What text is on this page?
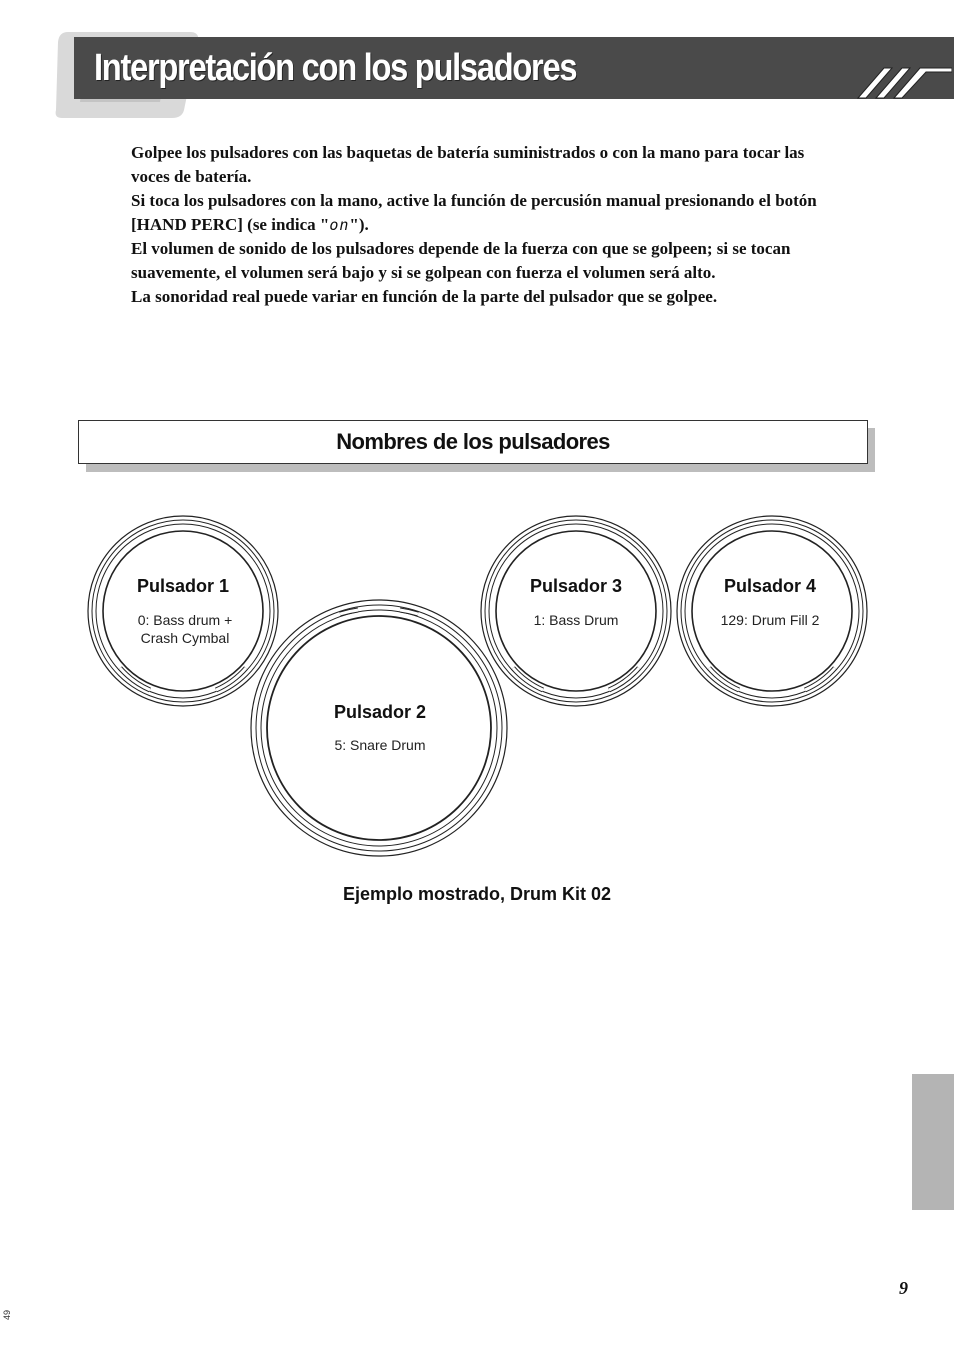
Interpretación con los pulsadores

Golpee los pulsadores con las baquetas de batería suministrados o con la mano para tocar las voces de batería.

Si toca los pulsadores con la mano, active la función de percusión manual presionando el botón [HAND PERC] (se indica "on").

El volumen de sonido de los pulsadores depende de la fuerza con que se golpeen; si se tocan suavemente, el volumen será bajo y si se golpean con fuerza el volumen será alto.

La sonoridad real puede variar en función de la parte del pulsador que se golpee.

Nombres de los pulsadores
Pulsador 1
0: Bass drum +
Crash Cymbal
Pulsador 2
5: Snare Drum
Pulsador 3
1: Bass Drum
Pulsador 4
129: Drum Fill 2
Ejemplo mostrado, Drum Kit 02
9
49
